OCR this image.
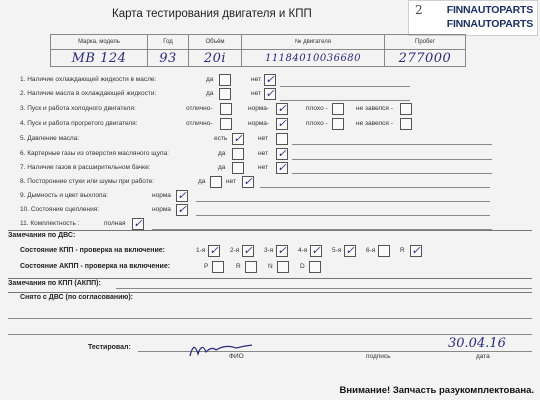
Карта тестирования двигателя и КПП	2 FINNAUTOPARTS
FINNAUTOPARTS
Марка, модель	Год	Объём	№ двигателя	Пробег
MB 124	93	20i	11184010036680	277000
1. Наличие охлаждающей жидкости в масле:	да	нет ✓
2. Наличие масла в охлаждающей жидкости:	да	нет ✓
3. Пуск и работа холодного двигателя:	отлично-	норма- ✓	плохо -	не завелся -
4. Пуск и работа прогретого двигателя:	отлично-	норма- ✓	плохо -	не завелся -
5. Давление масла:	есть ✓ нет
6. Картерные газы из отверстия масляного щупа:	да	нет ✓
7. Наличие газов в расширительном бачке:	да	нет ✓
8. Посторонние стуки или шумы при работе:	да	нет ✓
9. Дымность и цвет выхлопа:	норма ✓
10. Состояние сцепления:	норма ✓
11. Комплектность :	полная ✓
Замечания по ДВС:
Состояние КПП - проверка на включение:	1-я ✓ 2-я ✓ 3-я ✓ 4-я ✓ 5-я ✓ 6-я	R ✓
Состояние АКПП - проверка на включение:	P	R	N	D
Замечания по КПП (АКПП):
Снято с ДВС (по согласованию):
Тестировал:	30.04.16
ФИО	подпись	дата
Внимание! Запчасть разукомплектована.
